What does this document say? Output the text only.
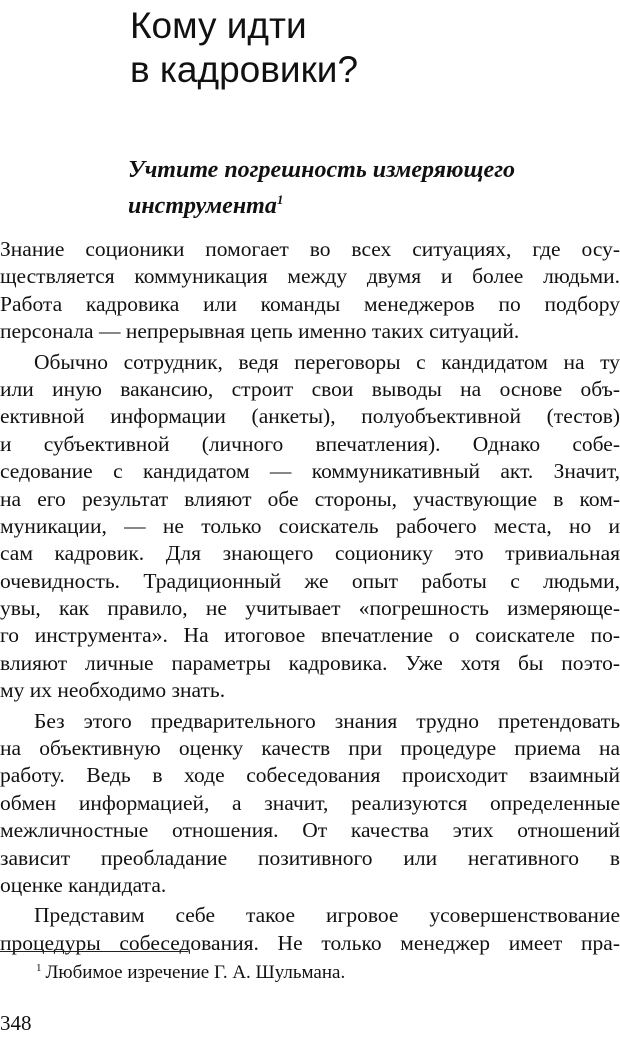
Кому идти
в кадровики?
Учтите погрешность измеряющего
инструмента$^1$

Знание соционики помогает во всех ситуациях, где осу-
ществляется коммуникация между двумя и более людьми.
Работа кадровика или команды менеджеров по подбору
персонала — непрерывная цепь именно таких ситуаций.

Обычно сотрудник, ведя переговоры с кандидатом на ту
или иную вакансию, строит свои выводы на основе объ-
ективной информации (анкеты), полуобъективной (тестов)
и субъективной (личного впечатления). Однако собе-
седование с кандидатом — коммуникативный акт. Значит,
на его результат влияют обе стороны, участвующие в ком-
муникации, — не только соискатель рабочего места, но и
сам кадровик. Для знающего соционику это тривиальная
очевидность. Традиционный же опыт работы с людьми,
увы, как правило, не учитывает «погрешность измеряюще-
го инструмента». На итоговое впечатление о соискателе по-
влияют личные параметры кадровика. Уже хотя бы поэто-
му их необходимо знать.

Без этого предварительного знания трудно претендовать
на объективную оценку качеств при процедуре приема на
работу. Ведь в ходе собеседования происходит взаимный
обмен информацией, а значит, реализуются определенные
межличностные отношения. От качества этих отношений
зависит преобладание позитивного или негативного в
оценке кандидата.

Представим себе такое игровое усовершенствование
процедуры собеседования. Не только менеджер имеет пра-

$^1$ Любимое изречение Г. А. Шульмана.
348
